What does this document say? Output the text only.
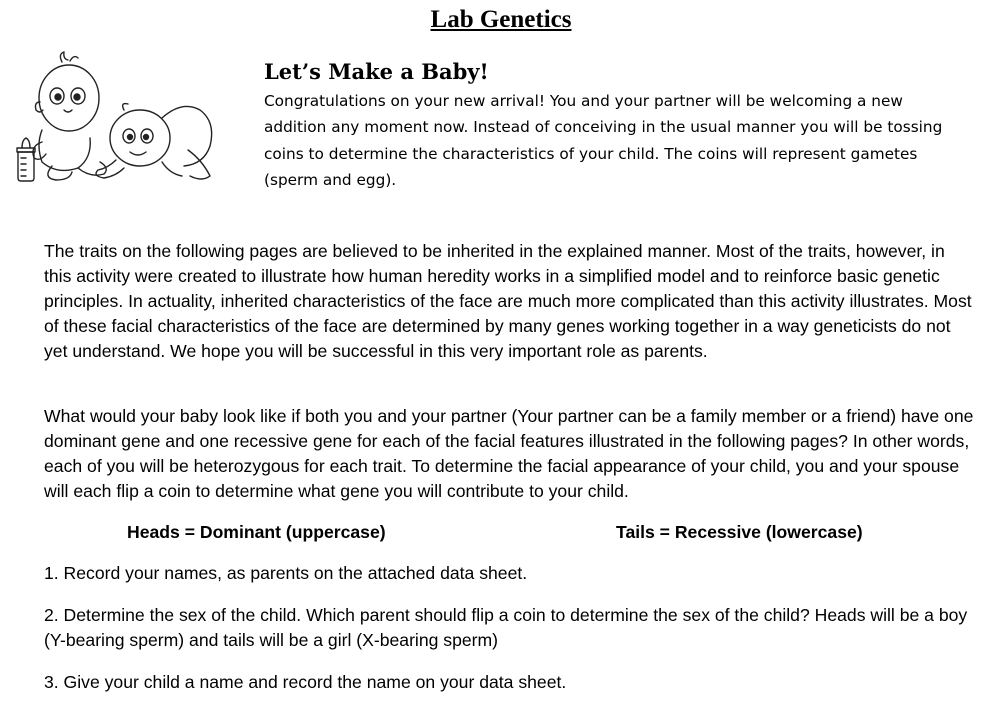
Lab Genetics
Let’s Make a Baby!

Congratulations on your new arrival! You and your partner will be welcoming a new addition any moment now. Instead of conceiving in the usual manner you will be tossing coins to determine the characteristics of your child. The coins will represent gametes (sperm and egg).

The traits on the following pages are believed to be inherited in the explained manner. Most of the traits, however, in this activity were created to illustrate how human heredity works in a simplified model and to reinforce basic genetic principles. In actuality, inherited characteristics of the face are much more complicated than this activity illustrates. Most of these facial characteristics of the face are determined by many genes working together in a way geneticists do not yet understand. We hope you will be successful in this very important role as parents.

What would your baby look like if both you and your partner (Your partner can be a family member or a friend) have one dominant gene and one recessive gene for each of the facial features illustrated in the following pages? In other words, each of you will be heterozygous for each trait. To determine the facial appearance of your child, you and your spouse will each flip a coin to determine what gene you will contribute to your child.

Heads = Dominant (uppercase)	Tails = Recessive (lowercase)

1. Record your names, as parents on the attached data sheet.

2. Determine the sex of the child. Which parent should flip a coin to determine the sex of the child? Heads will be a boy (Y-bearing sperm) and tails will be a girl (X-bearing sperm)

3. Give your child a name and record the name on your data sheet.
